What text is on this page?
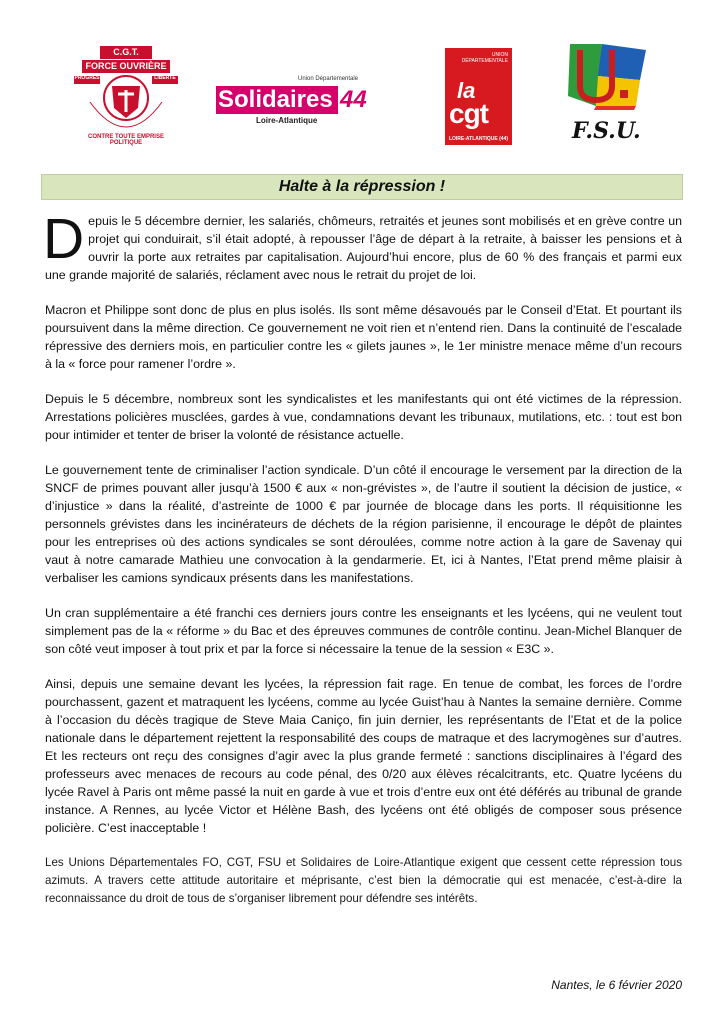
C.G.T.
FORCE OUVRIÈRE
PROGRÈS	LIBERTÉ
CONTRE TOUTE EMPRISE POLITIQUE
Union Départementale
Solidaires 44
Loire-Atlantique
UNION DÉPARTEMENTALE
la
cgt
LOIRE-ATLANTIQUE (44)	F.S.U.
Halte à la répression !

Depuis le 5 décembre dernier, les salariés, chômeurs, retraités et jeunes sont mobilisés et en grève contre un projet qui conduirait, s’il était adopté, à repousser l’âge de départ à la retraite, à baisser les pensions et à ouvrir la porte aux retraites par capitalisation. Aujourd’hui encore, plus de 60 % des français et parmi eux une grande majorité de salariés, réclament avec nous le retrait du projet de loi.

Macron et Philippe sont donc de plus en plus isolés. Ils sont même désavoués par le Conseil d’Etat. Et pourtant ils poursuivent dans la même direction. Ce gouvernement ne voit rien et n’entend rien. Dans la continuité de l’escalade répressive des derniers mois, en particulier contre les « gilets jaunes », le 1er ministre menace même d’un recours à la « force pour ramener l’ordre ».

Depuis le 5 décembre, nombreux sont les syndicalistes et les manifestants qui ont été victimes de la répression. Arrestations policières musclées, gardes à vue, condamnations devant les tribunaux, mutilations, etc. : tout est bon pour intimider et tenter de briser la volonté de résistance actuelle.

Le gouvernement tente de criminaliser l’action syndicale. D’un côté il encourage le versement par la direction de la SNCF de primes pouvant aller jusqu’à 1500 € aux « non-grévistes », de l’autre il soutient la décision de justice, « d’injustice » dans la réalité, d’astreinte de 1000 € par journée de blocage dans les ports. Il réquisitionne les personnels grévistes dans les incinérateurs de déchets de la région parisienne, il encourage le dépôt de plaintes pour les entreprises où des actions syndicales se sont déroulées, comme notre action à la gare de Savenay qui vaut à notre camarade Mathieu une convocation à la gendarmerie. Et, ici à Nantes, l’Etat prend même plaisir à verbaliser les camions syndicaux présents dans les manifestations.

Un cran supplémentaire a été franchi ces derniers jours contre les enseignants et les lycéens, qui ne veulent tout simplement pas de la « réforme » du Bac et des épreuves communes de contrôle continu. Jean-Michel Blanquer de son côté veut imposer à tout prix et par la force si nécessaire la tenue de la session « E3C ».

Ainsi, depuis une semaine devant les lycées, la répression fait rage. En tenue de combat, les forces de l’ordre pourchassent, gazent et matraquent les lycéens, comme au lycée Guist’hau à Nantes la semaine dernière. Comme à l’occasion du décès tragique de Steve Maia Caniço, fin juin dernier, les représentants de l’Etat et de la police nationale dans le département rejettent la responsabilité des coups de matraque et des lacrymogènes sur d’autres. Et les recteurs ont reçu des consignes d’agir avec la plus grande fermeté : sanctions disciplinaires à l’égard des professeurs avec menaces de recours au code pénal, des 0/20 aux élèves récalcitrants, etc. Quatre lycéens du lycée Ravel à Paris ont même passé la nuit en garde à vue et trois d’entre eux ont été déférés au tribunal de grande instance. A Rennes, au lycée Victor et Hélène Bash, des lycéens ont été obligés de composer sous présence policière. C’est inacceptable !

Les Unions Départementales FO, CGT, FSU et Solidaires de Loire-Atlantique exigent que cessent cette répression tous azimuts. A travers cette attitude autoritaire et méprisante, c’est bien la démocratie qui est menacée, c’est-à-dire la reconnaissance du droit de tous de s’organiser librement pour défendre ses intérêts.

Nantes, le 6 février 2020
